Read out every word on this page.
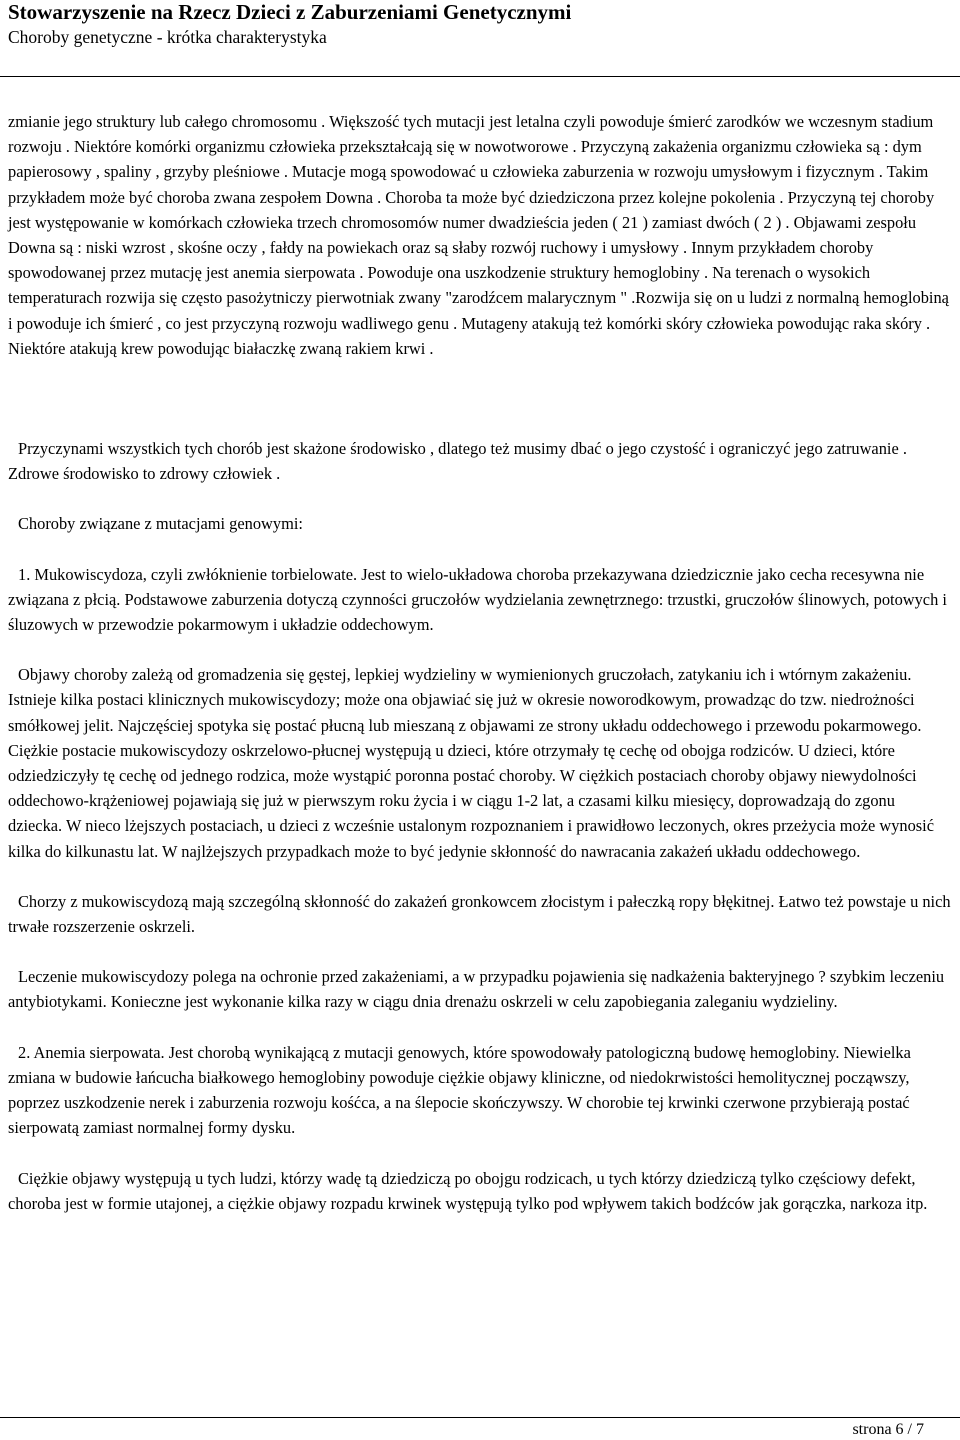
Stowarzyszenie na Rzecz Dzieci z Zaburzeniami Genetycznymi
Choroby genetyczne - krótka charakterystyka

zmianie jego struktury lub całego chromosomu . Większość tych mutacji jest letalna czyli powoduje śmierć zarodków we wczesnym stadium rozwoju . Niektóre komórki organizmu człowieka przekształcają się w nowotworowe . Przyczyną zakażenia organizmu człowieka są : dym papierosowy , spaliny , grzyby pleśniowe . Mutacje mogą spowodować u człowieka zaburzenia w rozwoju umysłowym i fizycznym . Takim przykładem może być choroba zwana zespołem Downa . Choroba ta może być dziedziczona przez kolejne pokolenia . Przyczyną tej choroby jest występowanie w komórkach człowieka trzech chromosomów numer dwadzieścia jeden ( 21 ) zamiast dwóch ( 2 ) . Objawami zespołu Downa są : niski wzrost , skośne oczy , fałdy na powiekach oraz są słaby rozwój ruchowy i umysłowy . Innym przykładem choroby spowodowanej przez mutację jest anemia sierpowata . Powoduje ona uszkodzenie struktury hemoglobiny . Na terenach o wysokich temperaturach rozwija się często pasożytniczy pierwotniak zwany "zarodźcem malarycznym " .Rozwija się on u ludzi z normalną hemoglobiną i powoduje ich śmierć , co jest przyczyną rozwoju wadliwego genu . Mutageny atakują też komórki skóry człowieka powodując raka skóry . Niektóre atakują krew powodując białaczkę zwaną rakiem krwi .

Przyczynami wszystkich tych chorób jest skażone środowisko , dlatego też musimy dbać o jego czystość i ograniczyć jego zatruwanie . Zdrowe środowisko to zdrowy człowiek .

Choroby związane z mutacjami genowymi:

1. Mukowiscydoza, czyli zwłóknienie torbielowate. Jest to wielo-układowa choroba przekazywana dziedzicznie jako cecha recesywna nie związana z płcią. Podstawowe zaburzenia dotyczą czynności gruczołów wydzielania zewnętrznego: trzustki, gruczołów ślinowych, potowych i śluzowych w przewodzie pokarmowym i układzie oddechowym.

Objawy choroby zależą od gromadzenia się gęstej, lepkiej wydzieliny w wymienionych gruczołach, zatykaniu ich i wtórnym zakażeniu. Istnieje kilka postaci klinicznych mukowiscydozy; może ona objawiać się już w okresie noworodkowym, prowadząc do tzw. niedrożności smółkowej jelit. Najczęściej spotyka się postać płucną lub mieszaną z objawami ze strony układu oddechowego i przewodu pokarmowego. Ciężkie postacie mukowiscydozy oskrzelowo-płucnej występują u dzieci, które otrzymały tę cechę od obojga rodziców. U dzieci, które odziedziczyły tę cechę od jednego rodzica, może wystąpić poronna postać choroby. W ciężkich postaciach choroby objawy niewydolności oddechowo-krążeniowej pojawiają się już w pierwszym roku życia i w ciągu 1-2 lat, a czasami kilku miesięcy, doprowadzają do zgonu dziecka. W nieco lżejszych postaciach, u dzieci z wcześnie ustalonym rozpoznaniem i prawidłowo leczonych, okres przeżycia może wynosić kilka do kilkunastu lat. W najlżejszych przypadkach może to być jedynie skłonność do nawracania zakażeń układu oddechowego.

Chorzy z mukowiscydozą mają szczególną skłonność do zakażeń gronkowcem złocistym i pałeczką ropy błękitnej. Łatwo też powstaje u nich trwałe rozszerzenie oskrzeli.

Leczenie mukowiscydozy polega na ochronie przed zakażeniami, a w przypadku pojawienia się nadkażenia bakteryjnego ? szybkim leczeniu antybiotykami. Konieczne jest wykonanie kilka razy w ciągu dnia drenażu oskrzeli w celu zapobiegania zaleganiu wydzieliny.

2. Anemia sierpowata. Jest chorobą wynikającą z mutacji genowych, które spowodowały patologiczną budowę hemoglobiny. Niewielka zmiana w budowie łańcucha białkowego hemoglobiny powoduje ciężkie objawy kliniczne, od niedokrwistości hemolitycznej począwszy, poprzez uszkodzenie nerek i zaburzenia rozwoju kośćca, a na ślepocie skończywszy. W chorobie tej krwinki czerwone przybierają postać sierpowatą zamiast normalnej formy dysku.

Ciężkie objawy występują u tych ludzi, którzy wadę tą dziedziczą po obojgu rodzicach, u tych którzy dziedziczą tylko częściowy defekt, choroba jest w formie utajonej, a ciężkie objawy rozpadu krwinek występują tylko pod wpływem takich bodźców jak gorączka, narkoza itp.

strona 6 / 7
